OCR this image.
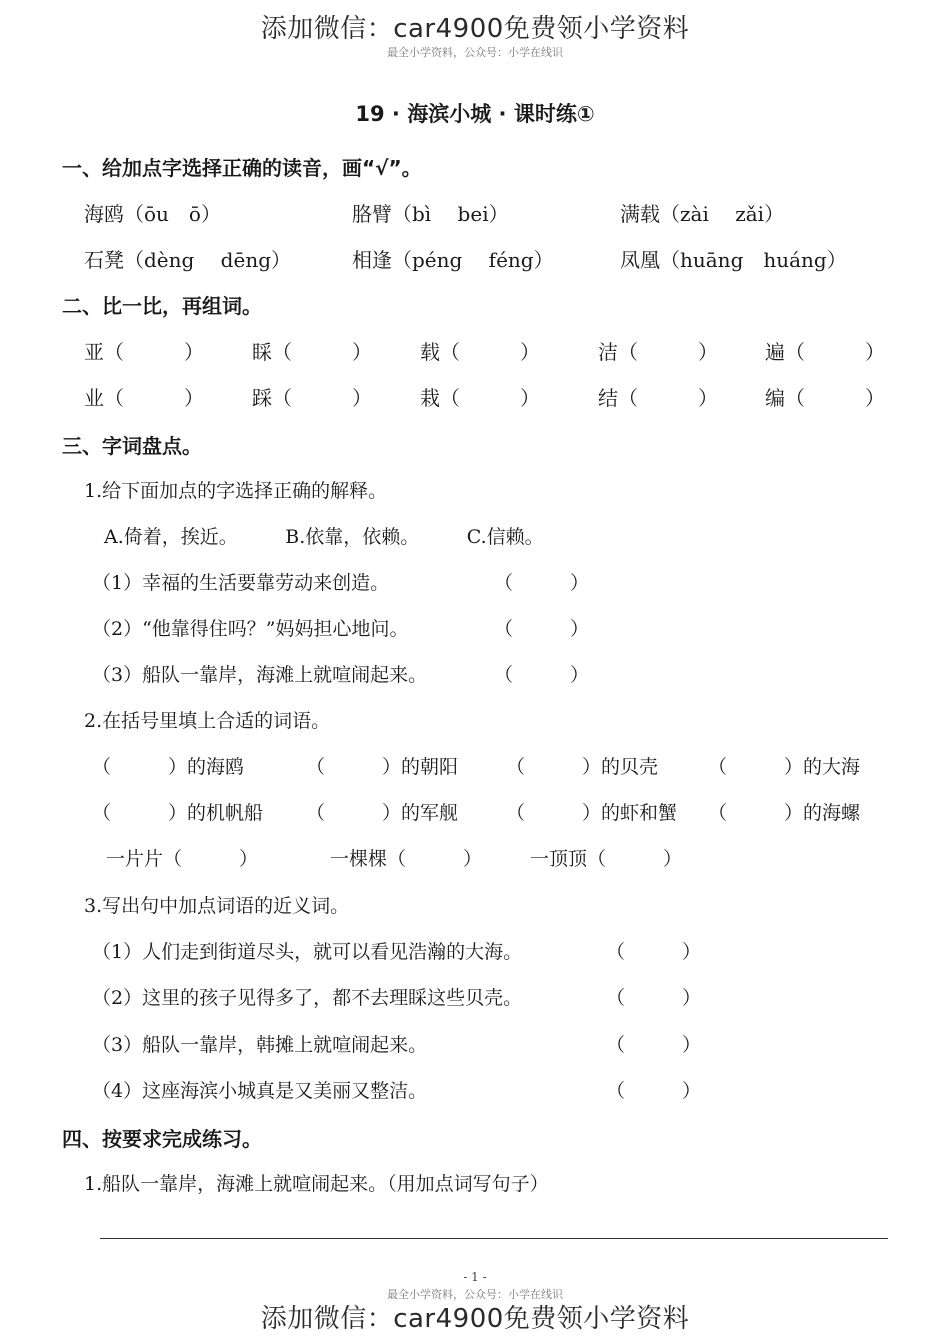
添加微信：car4900免费领小学资料
最全小学资料，公众号：小学在线识
19 · 海滨小城 · 课时练①
一、给加点字选择正确的读音，画“√”。
海鸥（ōu　ō）	胳臂（bì　 bei）	满载（zài　 zǎi）
石凳（dèng　 dēng）	相逢（péng　 féng）	凤凰（huāng　huáng）
二、比一比，再组词。
亚（　　　） 睬（　　　） 载（　　　）	洁（　　　） 遍（　　　）
业（　　　） 踩（　　　） 栽（　　　）	结（　　　） 编（　　　）
三、字词盘点。
1.给下面加点的字选择正确的解释。
A.倚着，挨近。　　　B.依靠，依赖。　　　C.信赖。
（1）幸福的生活要靠劳动来创造。	（　　　）
（2）“他靠得住吗？”妈妈担心地问。	（　　　）
（3）船队一靠岸，海滩上就喧闹起来。	（　　　）
2.在括号里填上合适的词语。
（　　　）的海鸥	（　　　）的朝阳	（　　　）的贝壳	（　　　）的大海
（　　　）的机帆船 （　　　）的军舰	（　　　）的虾和蟹 （　　　）的海螺
一片片（　　　）	一棵棵（　　　）	一顶顶（　　　）
3.写出句中加点词语的近义词。
（1）人们走到街道尽头，就可以看见浩瀚的大海。	（　　　）
（2）这里的孩子见得多了，都不去理睬这些贝壳。	（　　　）
（3）船队一靠岸，韩摊上就喧闹起来。	（　　　）
（4）这座海滨小城真是又美丽又整洁。	（　　　）
四、按要求完成练习。
1.船队一靠岸，海滩上就喧闹起来。（用加点词写句子）
- 1 -
最全小学资料，公众号：小学在线识
添加微信：car4900免费领小学资料
